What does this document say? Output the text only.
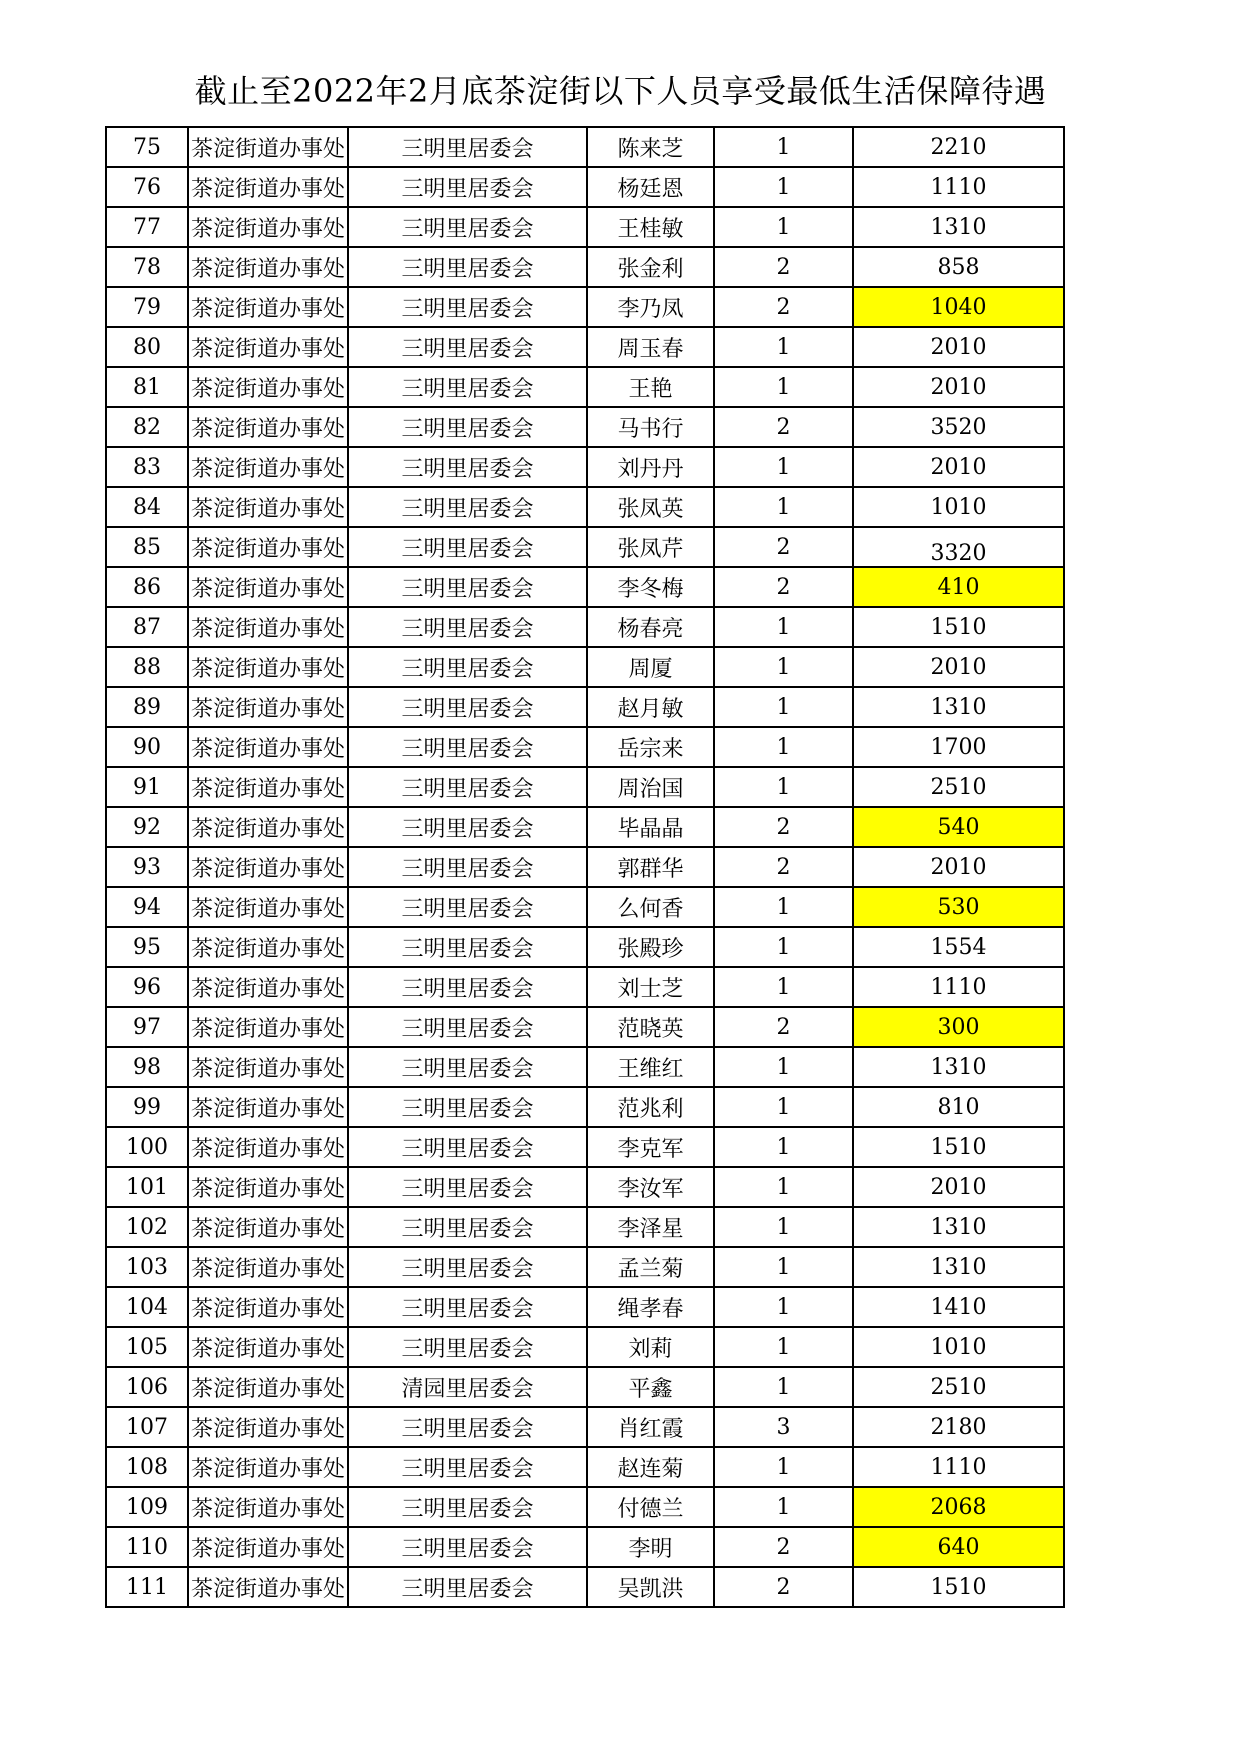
截止至2022年2月底茶淀街以下人员享受最低生活保障待遇
75	茶淀街道办事处	三明里居委会	陈来芝	1	2210
76	茶淀街道办事处	三明里居委会	杨廷恩	1	1110
77	茶淀街道办事处	三明里居委会	王桂敏	1	1310
78	茶淀街道办事处	三明里居委会	张金利	2	858
79	茶淀街道办事处	三明里居委会	李乃凤	2	1040
80	茶淀街道办事处	三明里居委会	周玉春	1	2010
81	茶淀街道办事处	三明里居委会	王艳	1	2010
82	茶淀街道办事处	三明里居委会	马书行	2	3520
83	茶淀街道办事处	三明里居委会	刘丹丹	1	2010
84	茶淀街道办事处	三明里居委会	张凤英	1	1010
85	茶淀街道办事处	三明里居委会	张凤芹	2	3320
86	茶淀街道办事处	三明里居委会	李冬梅	2	410
87	茶淀街道办事处	三明里居委会	杨春亮	1	1510
88	茶淀街道办事处	三明里居委会	周厦	1	2010
89	茶淀街道办事处	三明里居委会	赵月敏	1	1310
90	茶淀街道办事处	三明里居委会	岳宗来	1	1700
91	茶淀街道办事处	三明里居委会	周治国	1	2510
92	茶淀街道办事处	三明里居委会	毕晶晶	2	540
93	茶淀街道办事处	三明里居委会	郭群华	2	2010
94	茶淀街道办事处	三明里居委会	么何香	1	530
95	茶淀街道办事处	三明里居委会	张殿珍	1	1554
96	茶淀街道办事处	三明里居委会	刘士芝	1	1110
97	茶淀街道办事处	三明里居委会	范晓英	2	300
98	茶淀街道办事处	三明里居委会	王维红	1	1310
99	茶淀街道办事处	三明里居委会	范兆利	1	810
100	茶淀街道办事处	三明里居委会	李克军	1	1510
101	茶淀街道办事处	三明里居委会	李汝军	1	2010
102	茶淀街道办事处	三明里居委会	李泽星	1	1310
103	茶淀街道办事处	三明里居委会	孟兰菊	1	1310
104	茶淀街道办事处	三明里居委会	绳孝春	1	1410
105	茶淀街道办事处	三明里居委会	刘莉	1	1010
106	茶淀街道办事处	清园里居委会	平鑫	1	2510
107	茶淀街道办事处	三明里居委会	肖红霞	3	2180
108	茶淀街道办事处	三明里居委会	赵连菊	1	1110
109	茶淀街道办事处	三明里居委会	付德兰	1	2068
110	茶淀街道办事处	三明里居委会	李明	2	640
111	茶淀街道办事处	三明里居委会	吴凯洪	2	1510
